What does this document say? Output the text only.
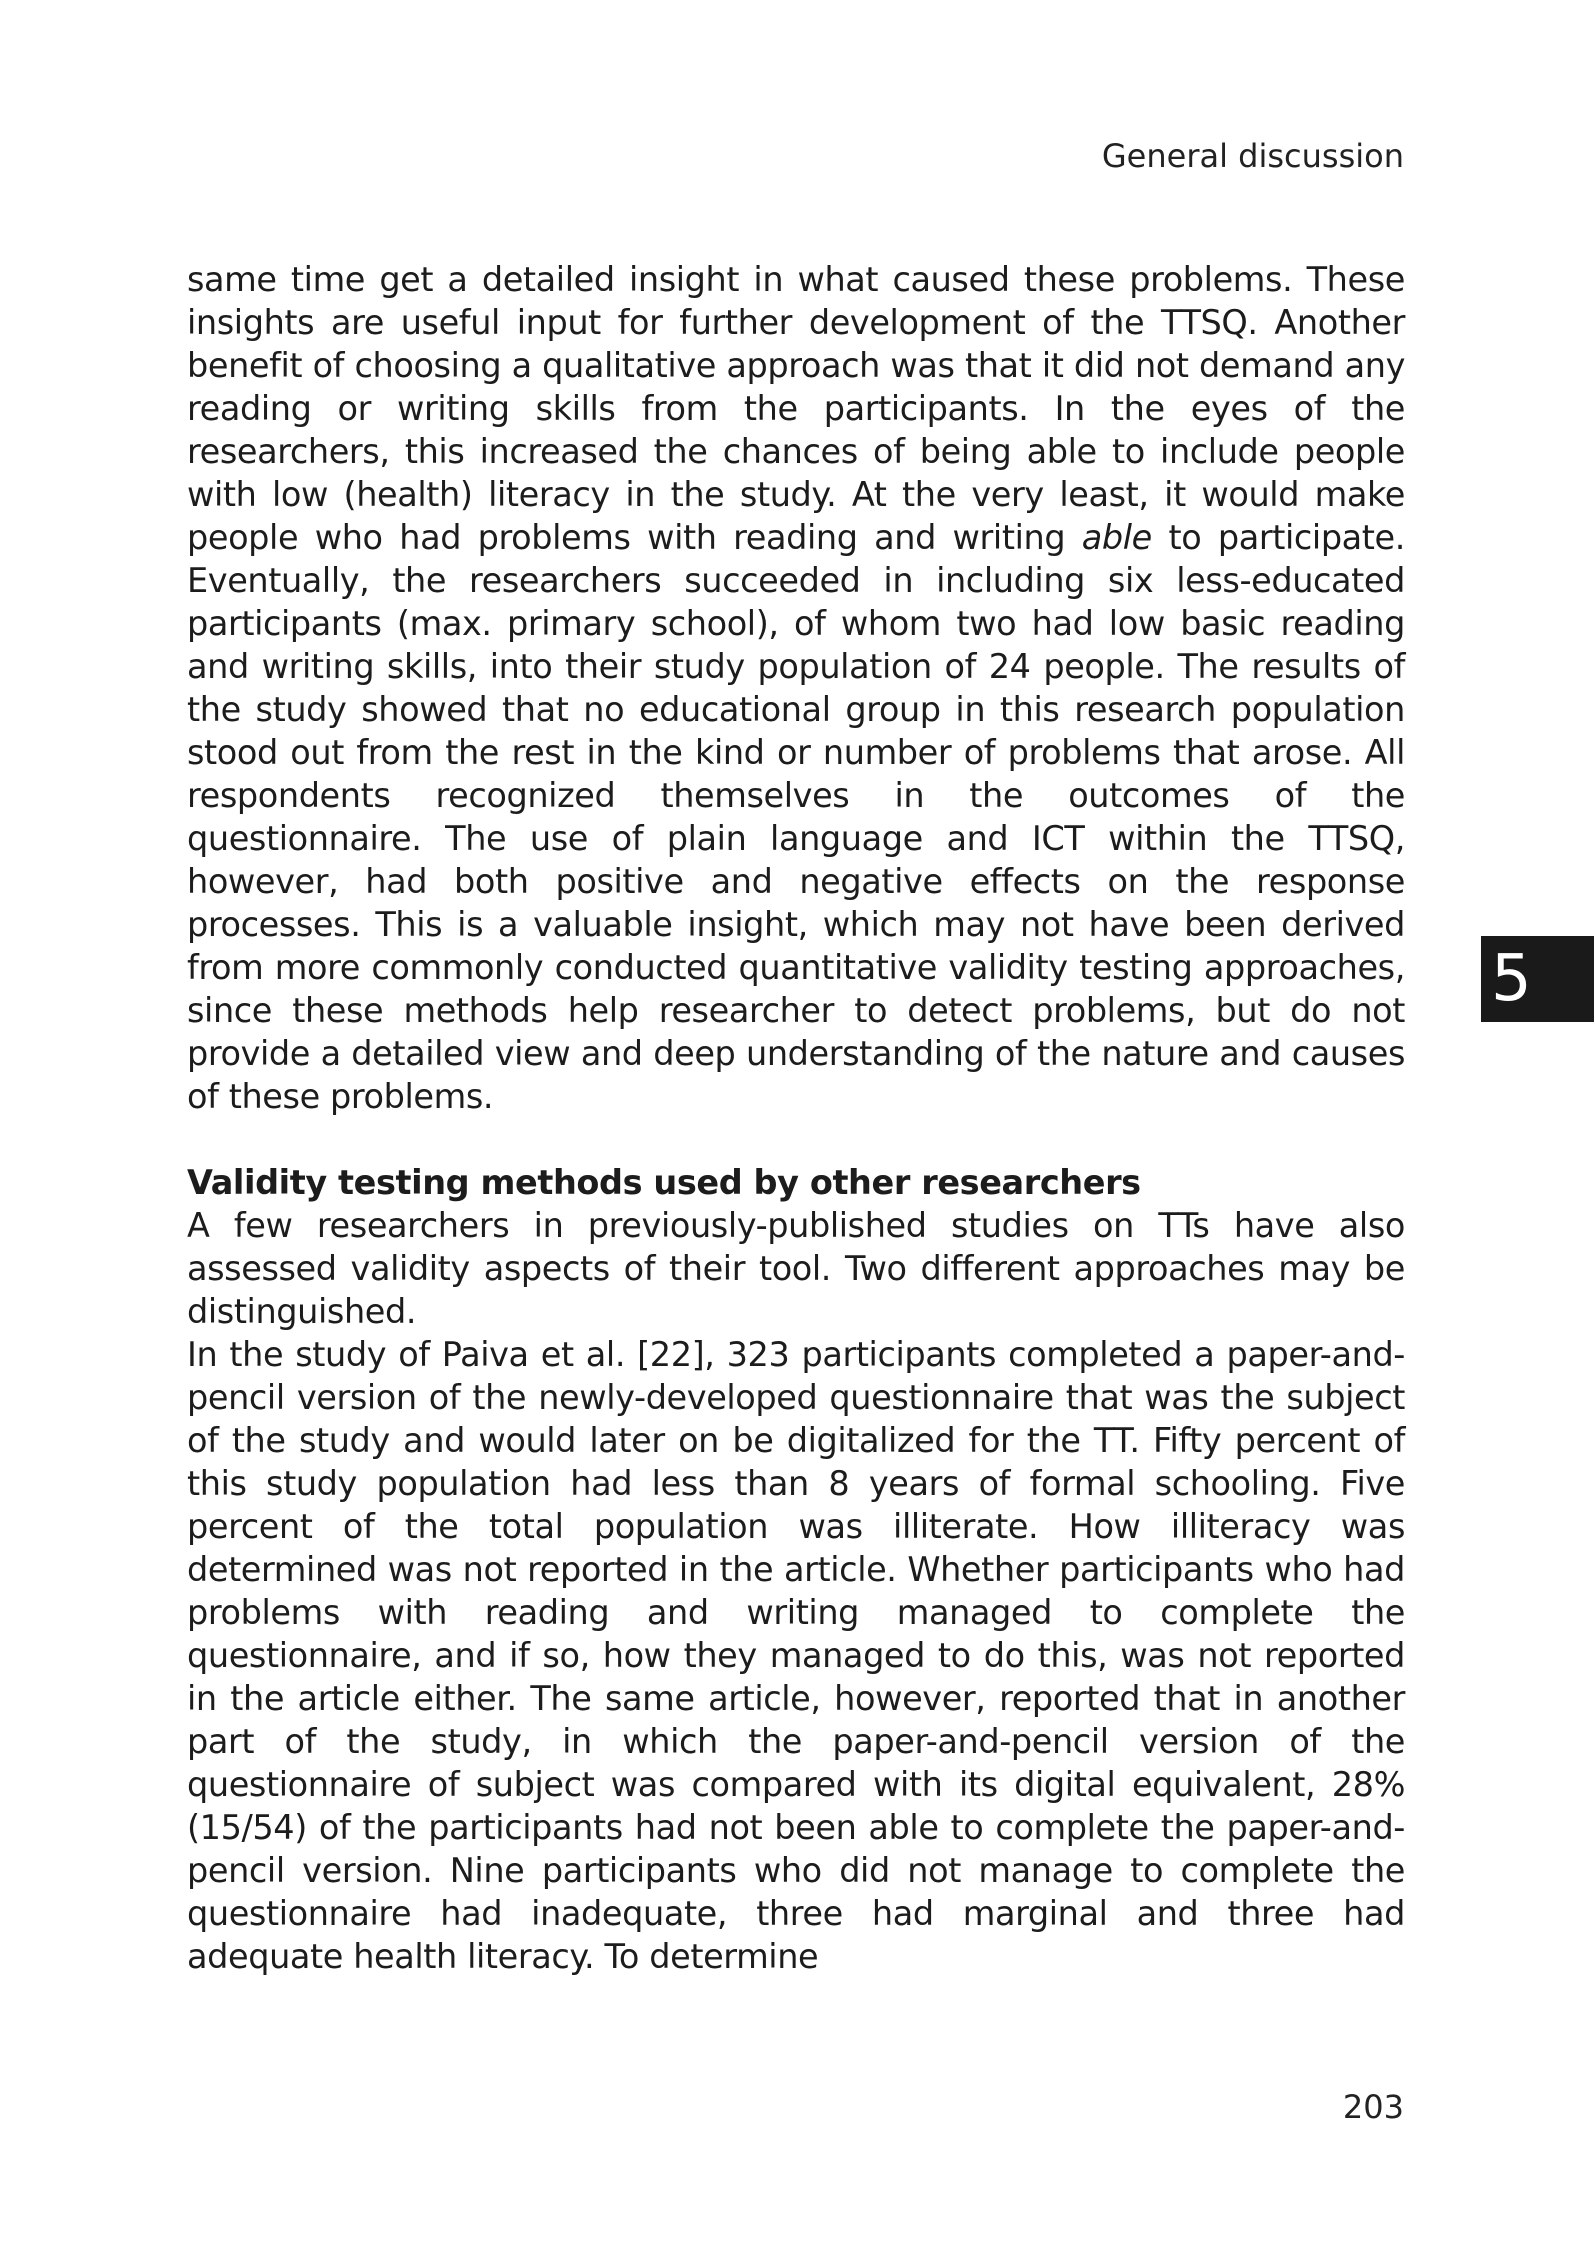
General discussion
5

same time get a detailed insight in what caused these problems. These insights are useful input for further development of the TTSQ. Another benefit of choosing a qualitative approach was that it did not demand any reading or writing skills from the participants. In the eyes of the researchers, this increased the chances of being able to include people with low (health) literacy in the study. At the very least, it would make people who had problems with reading and writing able to participate. Eventually, the researchers succeeded in including six less-educated participants (max. primary school), of whom two had low basic reading and writing skills, into their study population of 24 people. The results of the study showed that no educational group in this research population stood out from the rest in the kind or number of problems that arose. All respondents recognized themselves in the outcomes of the questionnaire. The use of plain language and ICT within the TTSQ, however, had both positive and negative effects on the response processes. This is a valuable insight, which may not have been derived from more commonly conducted quantitative validity testing approaches, since these methods help researcher to detect problems, but do not provide a detailed view and deep understanding of the nature and causes of these problems.

Validity testing methods used by other researchers

A few researchers in previously-published studies on TTs have also assessed validity aspects of their tool. Two different approaches may be distinguished.

In the study of Paiva et al. [22], 323 participants completed a paper-and-pencil version of the newly-developed questionnaire that was the subject of the study and would later on be digitalized for the TT. Fifty percent of this study population had less than 8 years of formal schooling. Five percent of the total population was illiterate. How illiteracy was determined was not reported in the article. Whether participants who had problems with reading and writing managed to complete the questionnaire, and if so, how they managed to do this, was not reported in the article either. The same article, however, reported that in another part of the study, in which the paper-and-pencil version of the questionnaire of subject was compared with its digital equivalent, 28% (15/54) of the participants had not been able to complete the paper-and-pencil version. Nine participants who did not manage to complete the questionnaire had inadequate, three had marginal and three had adequate health literacy. To determine

203
